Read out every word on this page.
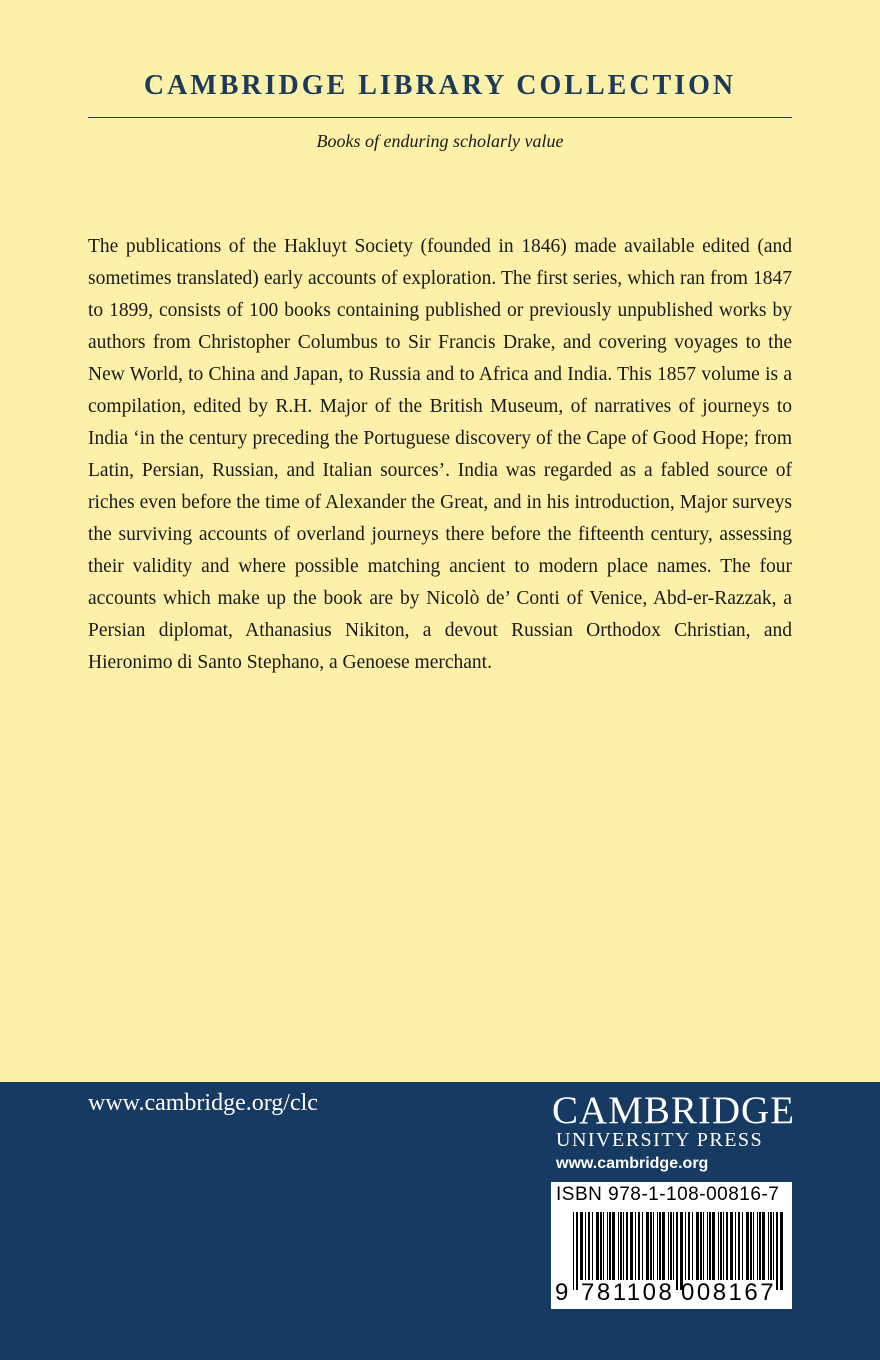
CAMBRIDGE LIBRARY COLLECTION
Books of enduring scholarly value

The publications of the Hakluyt Society (founded in 1846) made available edited (and sometimes translated) early accounts of exploration. The first series, which ran from 1847 to 1899, consists of 100 books containing published or previously unpublished works by authors from Christopher Columbus to Sir Francis Drake, and covering voyages to the New World, to China and Japan, to Russia and to Africa and India. This 1857 volume is a compilation, edited by R.H. Major of the British Museum, of narratives of journeys to India ‘in the century preceding the Portuguese discovery of the Cape of Good Hope; from Latin, Persian, Russian, and Italian sources’. India was regarded as a fabled source of riches even before the time of Alexander the Great, and in his introduction, Major surveys the surviving accounts of overland journeys there before the fifteenth century, assessing their validity and where possible matching ancient to modern place names. The four accounts which make up the book are by Nicolò de’ Conti of Venice, Abd-er-Razzak, a Persian diplomat, Athanasius Nikiton, a devout Russian Orthodox Christian, and Hieronimo di Santo Stephano, a Genoese merchant.

www.cambridge.org/clc	CAMBRIDGE
UNIVERSITY PRESS
www.cambridge.org
ISBN 978-1-108-00816-7
9 781108 008167
